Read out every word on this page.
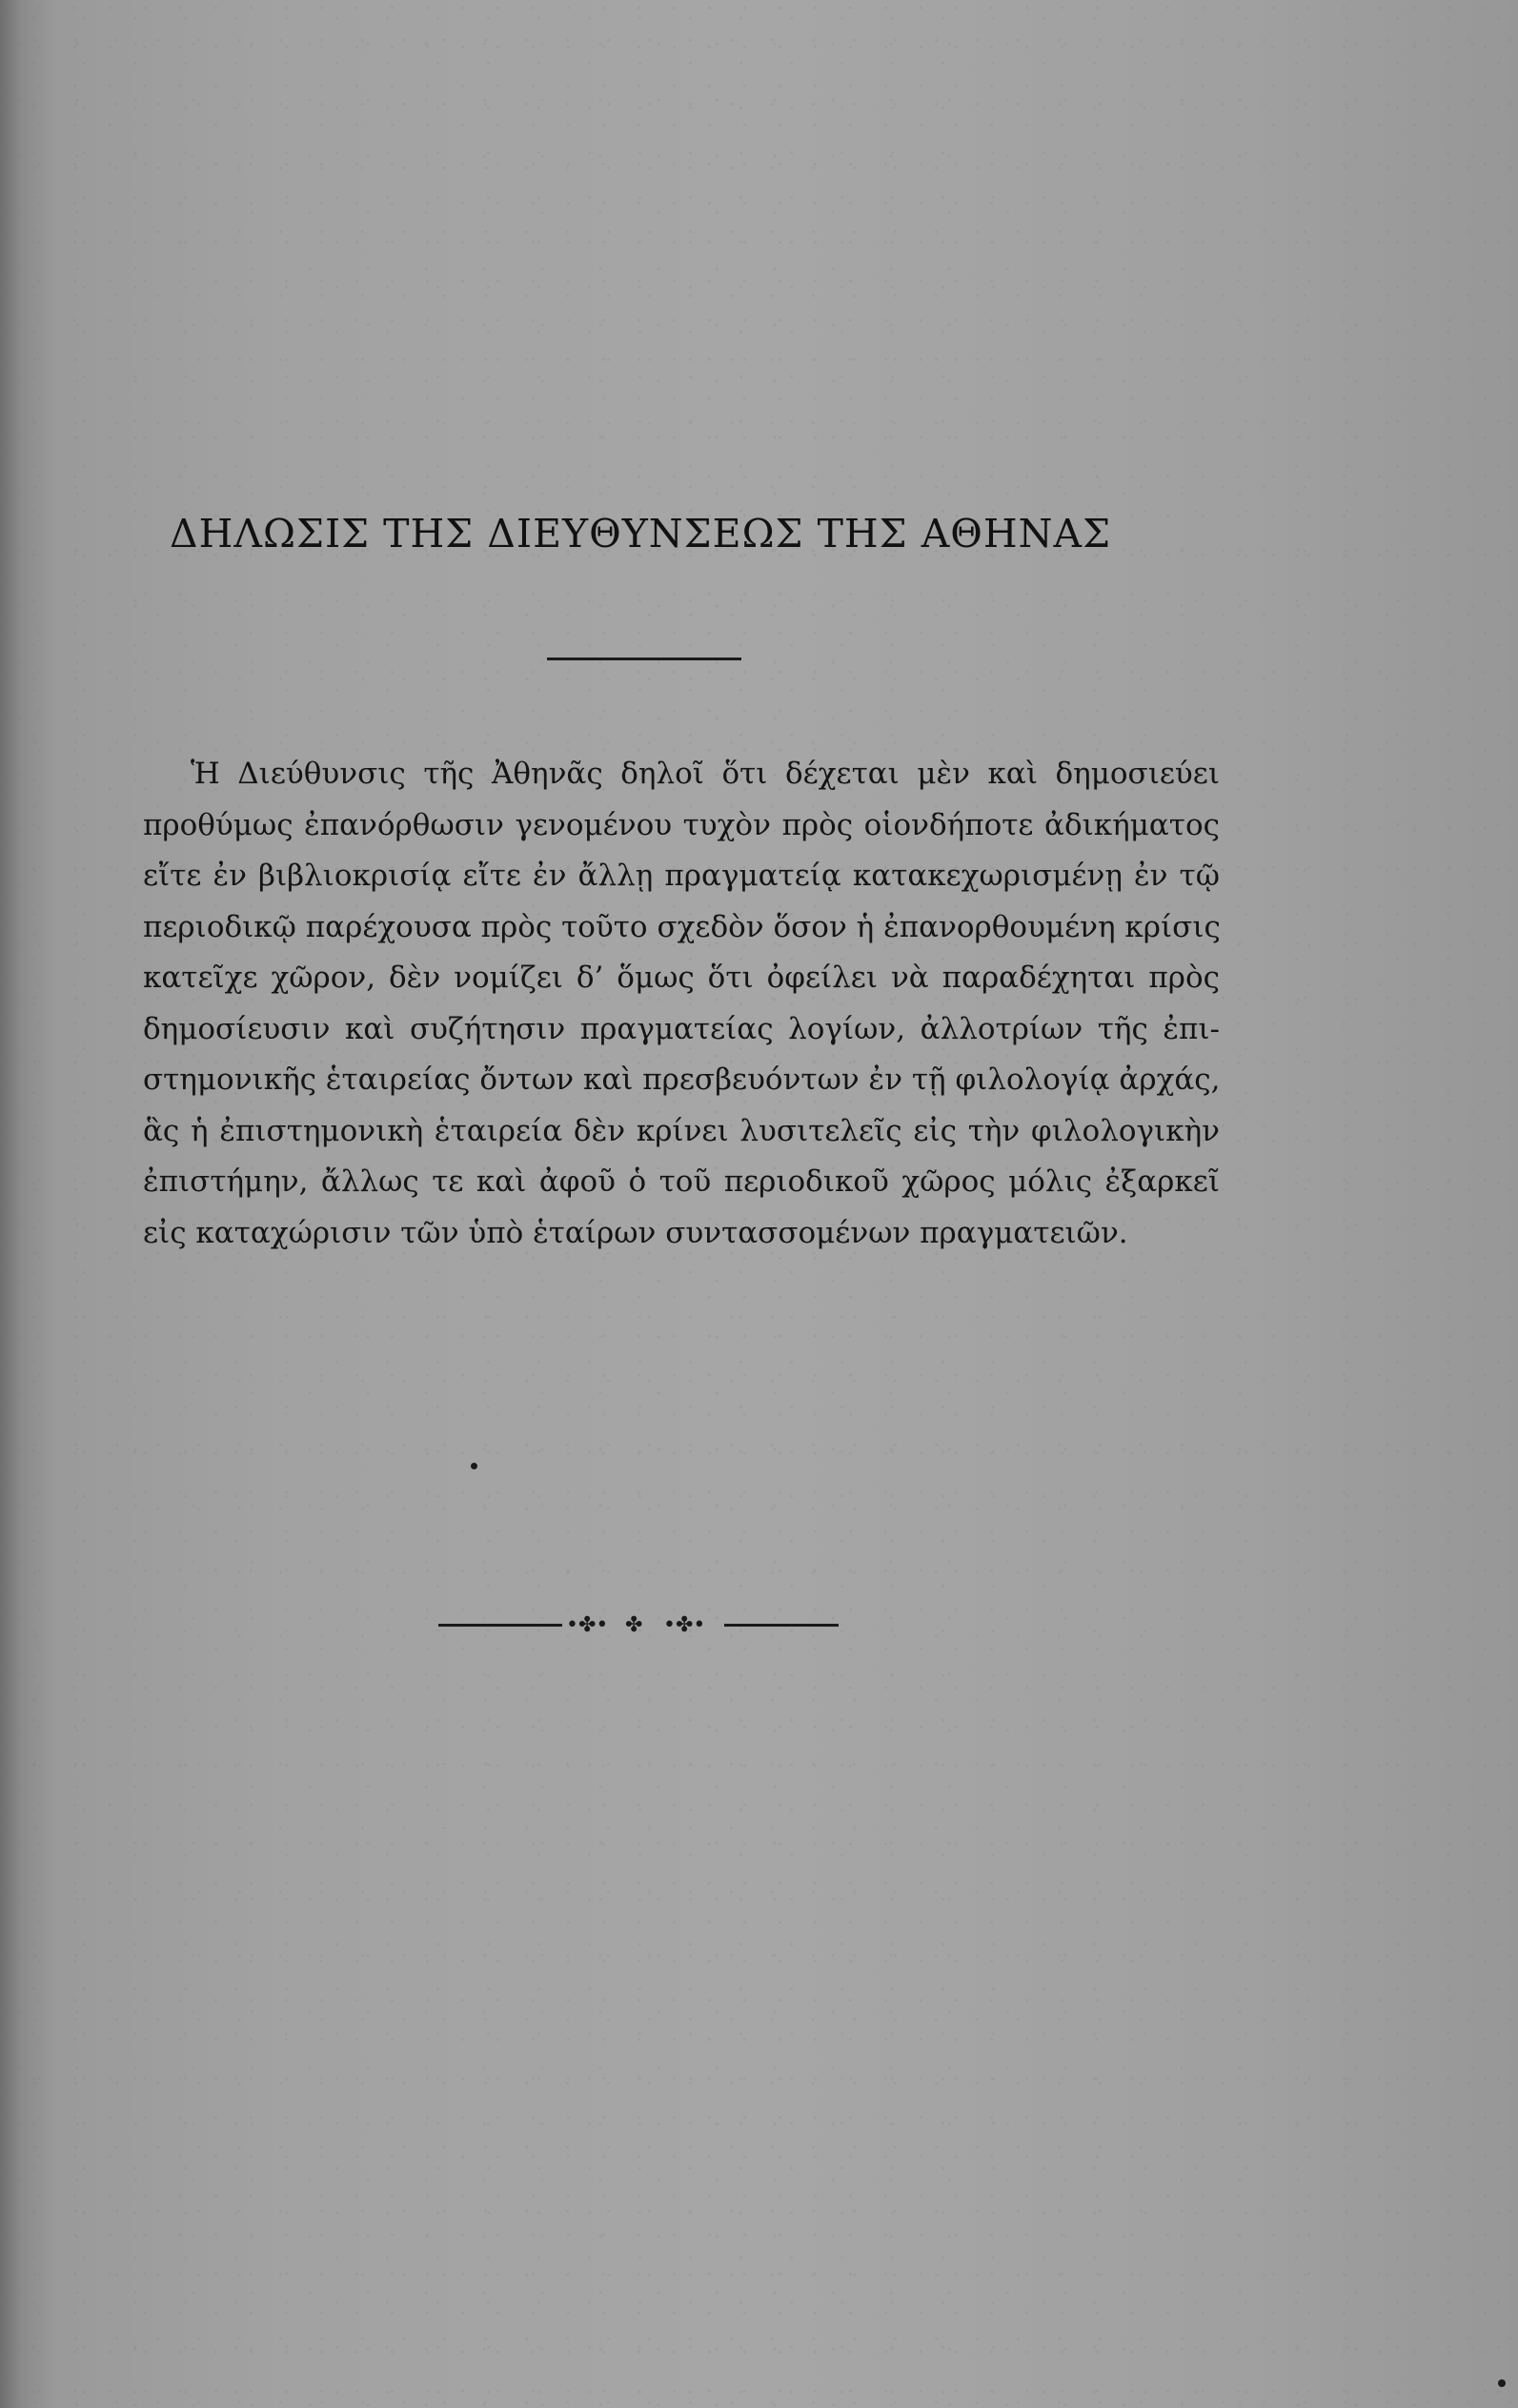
ΔΗΛΩΣΙΣ ΤΗΣ ΔΙΕΥΘΥΝΣΕΩΣ ΤΗΣ ΑΘΗΝΑΣ
Ἡ Διεύθυνσις τῆς Ἀθηνᾶς δηλοῖ ὅτι δέχεται μὲν καὶ δημοσιεύει
προθύμως ἐπανόρθωσιν γενομένου τυχὸν πρὸς οἱονδήποτε ἀδικήματος
εἴτε ἐν βιβλιοκρισίᾳ εἴτε ἐν ἄλλῃ πραγματείᾳ κατακεχωρισμένῃ ἐν τῷ
περιοδικῷ παρέχουσα πρὸς τοῦτο σχεδὸν ὅσον ἡ ἐπανορθουμένη κρίσις
κατεῖχε χῶρον, δὲν νομίζει δ’ ὅμως ὅτι ὀφείλει νὰ παραδέχηται πρὸς
δημοσίευσιν καὶ συζήτησιν πραγματείας λογίων, ἀλλοτρίων τῆς ἐπι-
στημονικῆς ἑταιρείας ὄντων καὶ πρεσβευόντων ἐν τῇ φιλολογίᾳ ἀρχάς,
ἃς ἡ ἐπιστημονικὴ ἑταιρεία δὲν κρίνει λυσιτελεῖς εἰς τὴν φιλολογικὴν
ἐπιστήμην, ἄλλως τε καὶ ἀφοῦ ὁ τοῦ περιοδικοῦ χῶρος μόλις ἐξαρκεῖ
εἰς καταχώρισιν τῶν ὑπὸ ἑταίρων συντασσομένων πραγματειῶν.
•✤• ✤ •✤•
